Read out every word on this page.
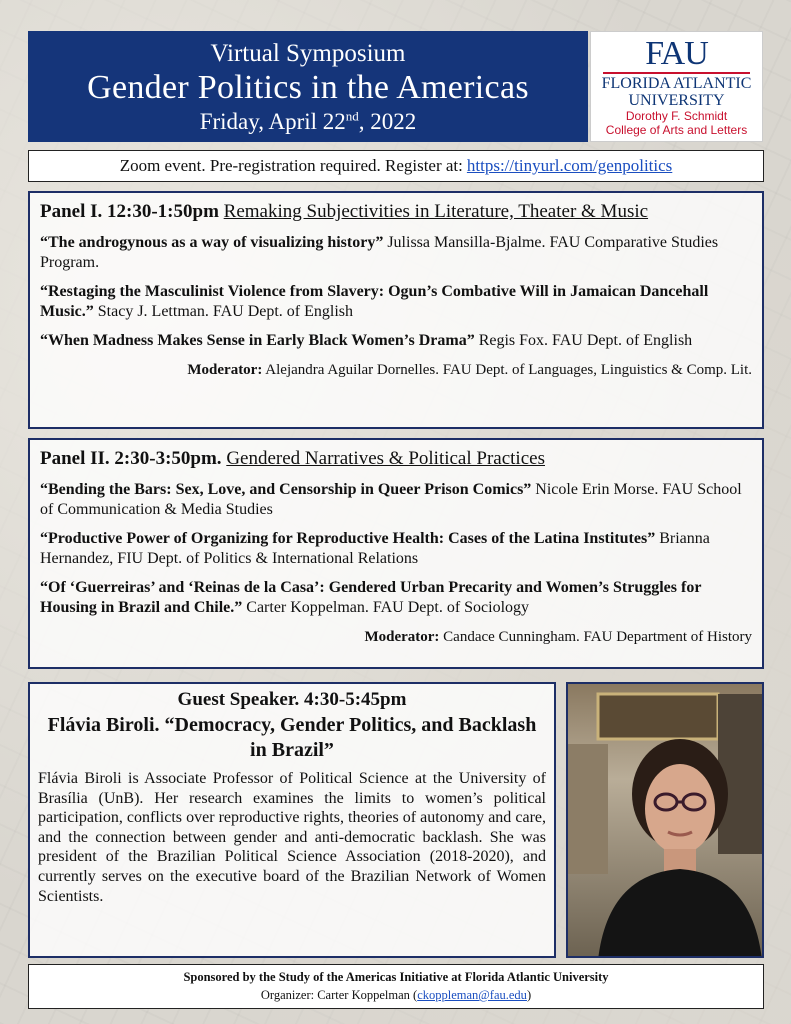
Virtual Symposium
Gender Politics in the Americas
Friday, April 22nd, 2022
FAU
FLORIDA ATLANTIC
UNIVERSITY
Dorothy F. Schmidt
College of Arts and Letters
Zoom event. Pre-registration required. Register at: https://tinyurl.com/genpolitics
Panel I. 12:30-1:50pm Remaking Subjectivities in Literature, Theater & Music
“The androgynous as a way of visualizing history” Julissa Mansilla-Bjalme. FAU Comparative Studies Program.
“Restaging the Masculinist Violence from Slavery: Ogun’s Combative Will in Jamaican Dancehall Music.” Stacy J. Lettman. FAU Dept. of English
“When Madness Makes Sense in Early Black Women’s Drama” Regis Fox. FAU Dept. of English
Moderator: Alejandra Aguilar Dornelles. FAU Dept. of Languages, Linguistics & Comp. Lit.
Panel II. 2:30-3:50pm. Gendered Narratives & Political Practices
“Bending the Bars: Sex, Love, and Censorship in Queer Prison Comics” Nicole Erin Morse. FAU School of Communication & Media Studies
“Productive Power of Organizing for Reproductive Health: Cases of the Latina Institutes” Brianna Hernandez, FIU Dept. of Politics & International Relations
“Of ‘Guerreiras’ and ‘Reinas de la Casa’: Gendered Urban Precarity and Women’s Struggles for Housing in Brazil and Chile.” Carter Koppelman. FAU Dept. of Sociology
Moderator: Candace Cunningham. FAU Department of History
Guest Speaker. 4:30-5:45pm
Flávia Biroli. “Democracy, Gender Politics, and Backlash in Brazil”
Flávia Biroli is Associate Professor of Political Science at the University of Brasília (UnB). Her research examines the limits to women’s political participation, conflicts over reproductive rights, theories of autonomy and care, and the connection between gender and anti-democratic backlash. She was president of the Brazilian Political Science Association (2018-2020), and currently serves on the executive board of the Brazilian Network of Women Scientists.
Sponsored by the Study of the Americas Initiative at Florida Atlantic University
Organizer: Carter Koppelman (ckoppleman@fau.edu)
